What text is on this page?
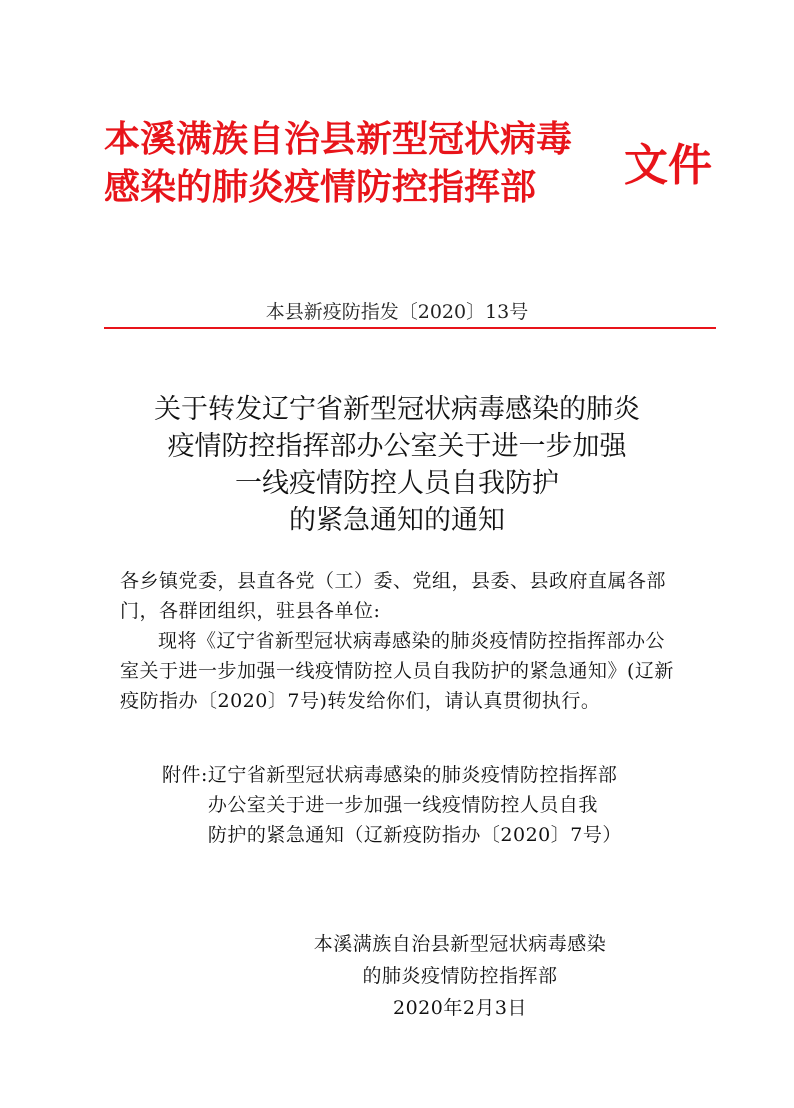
本溪满族自治县新型冠状病毒
感染的肺炎疫情防控指挥部 文件
本县新疫防指发〔2020〕13号
关于转发辽宁省新型冠状病毒感染的肺炎
疫情防控指挥部办公室关于进一步加强
一线疫情防控人员自我防护
的紧急通知的通知

各乡镇党委，县直各党（工）委、党组，县委、县政府直属各部门，各群团组织，驻县各单位:

现将《辽宁省新型冠状病毒感染的肺炎疫情防控指挥部办公室关于进一步加强一线疫情防控人员自我防护的紧急通知》(辽新疫防指办〔2020〕7号)转发给你们，请认真贯彻执行。

附件: 辽宁省新型冠状病毒感染的肺炎疫情防控指挥部
办公室关于进一步加强一线疫情防控人员自我
防护的紧急通知（辽新疫防指办〔2020〕7号）
本溪满族自治县新型冠状病毒感染
的肺炎疫情防控指挥部
2020年2月3日
